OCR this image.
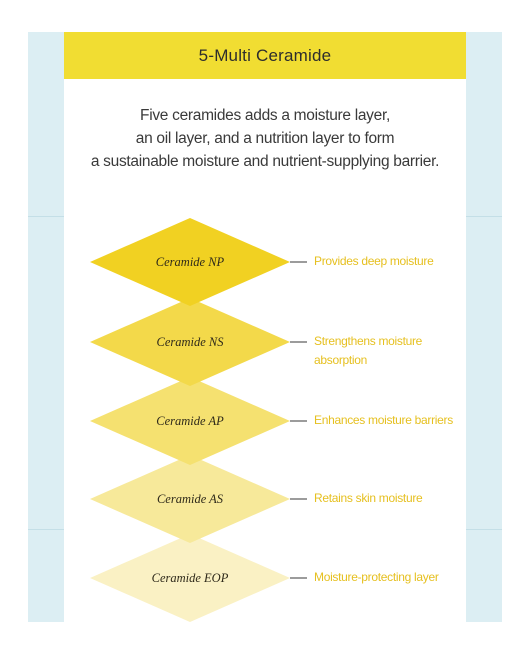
5-Multi Ceramide
Five ceramides adds a moisture layer,
an oil layer, and a nutrition layer to form
a sustainable moisture and nutrient-supplying barrier.
Ceramide NP
Ceramide NS
Ceramide AP
Ceramide AS
Ceramide EOP
Provides deep moisture
Strengthens moisture
absorption
Enhances moisture barriers
Retains skin moisture
Moisture-protecting layer
